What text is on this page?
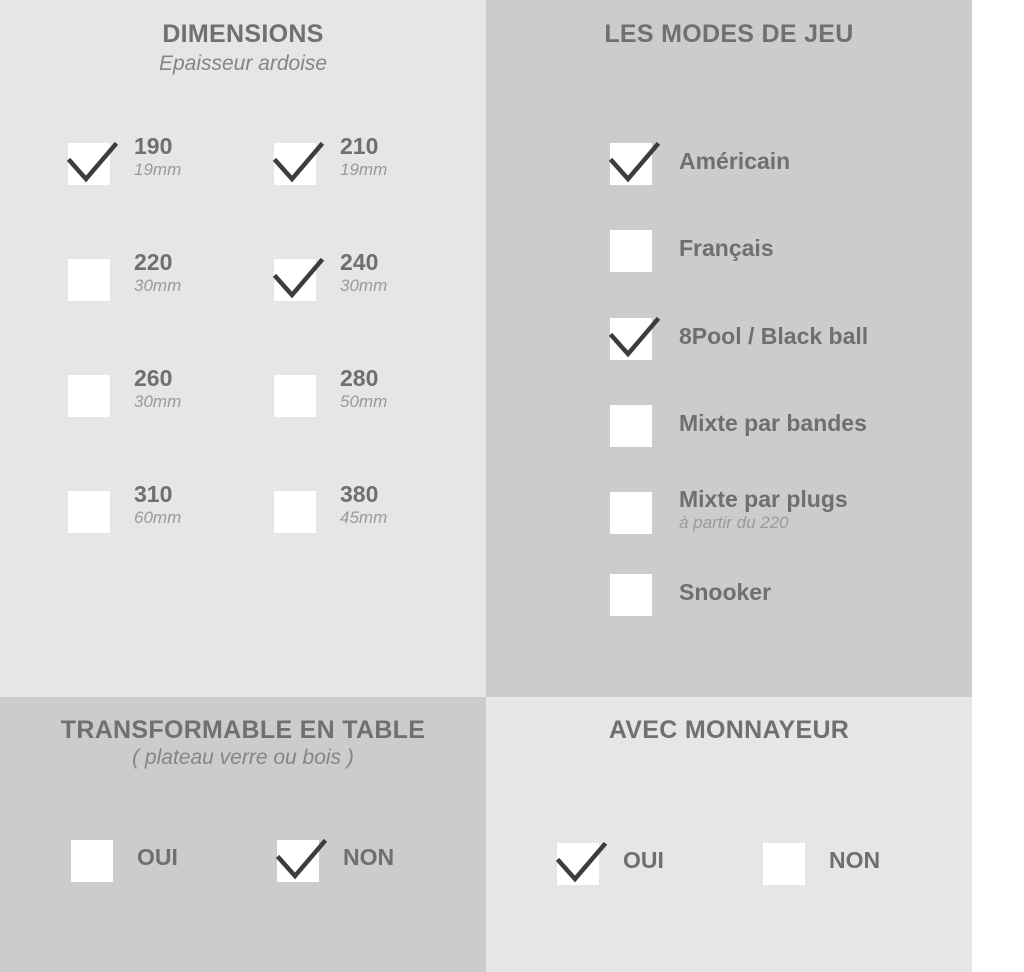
DIMENSIONS
Epaisseur ardoise
190
19mm
210
19mm
220
30mm
240
30mm
260
30mm
280
50mm
310
60mm
380
45mm
LES MODES DE JEU
Américain
Français
8Pool / Black ball
Mixte par bandes
Mixte par plugs
à partir du 220
Snooker
TRANSFORMABLE EN TABLE
( plateau verre ou bois )
OUI	NON
AVEC MONNAYEUR
OUI	NON
